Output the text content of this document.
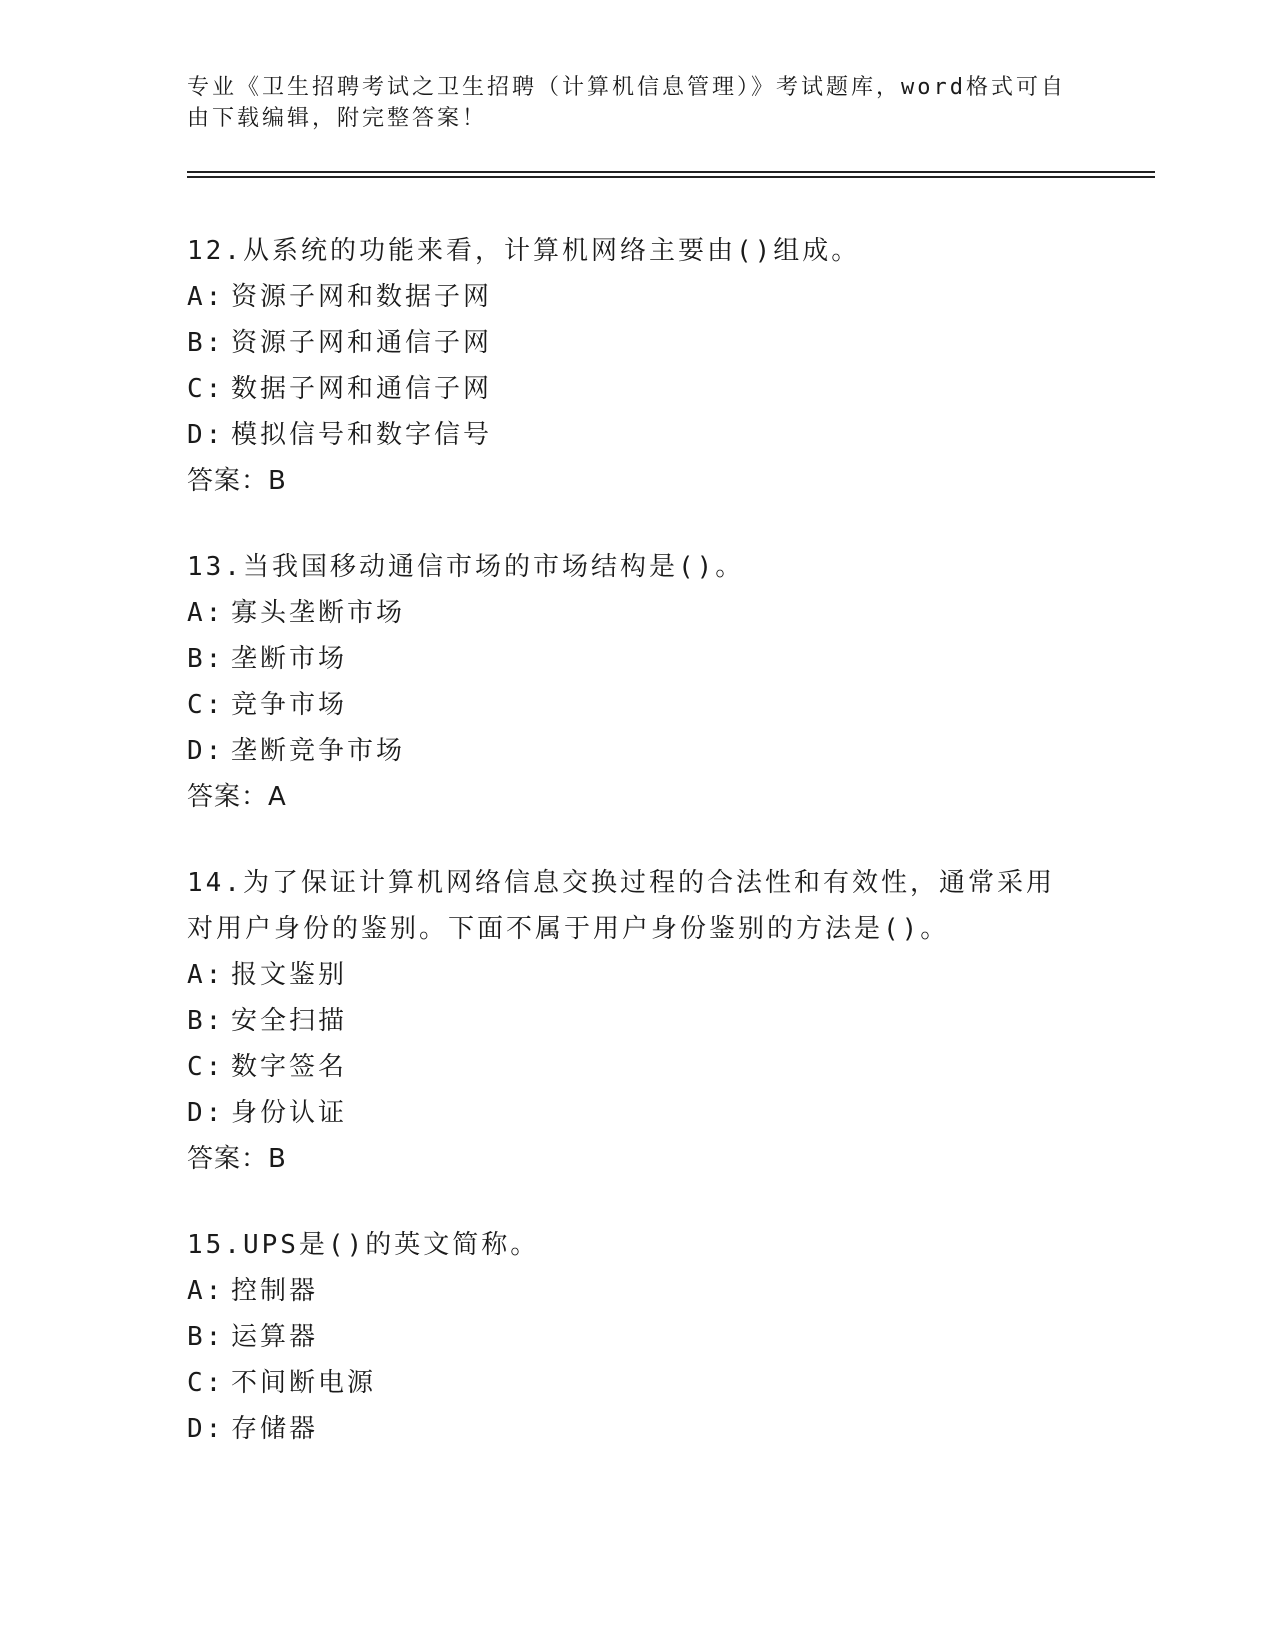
专业《卫生招聘考试之卫生招聘（计算机信息管理）》考试题库，word格式可自由下载编辑，附完整答案！
12.从系统的功能来看，计算机网络主要由()组成。
A: 资源子网和数据子网
B: 资源子网和通信子网
C: 数据子网和通信子网
D: 模拟信号和数字信号
答案：B
13.当我国移动通信市场的市场结构是()。
A: 寡头垄断市场
B: 垄断市场
C: 竞争市场
D: 垄断竞争市场
答案：A
14.为了保证计算机网络信息交换过程的合法性和有效性，通常采用对用户身份的鉴别。下面不属于用户身份鉴别的方法是()。
A: 报文鉴别
B: 安全扫描
C: 数字签名
D: 身份认证
答案：B
15.UPS是()的英文简称。
A: 控制器
B: 运算器
C: 不间断电源
D: 存储器
